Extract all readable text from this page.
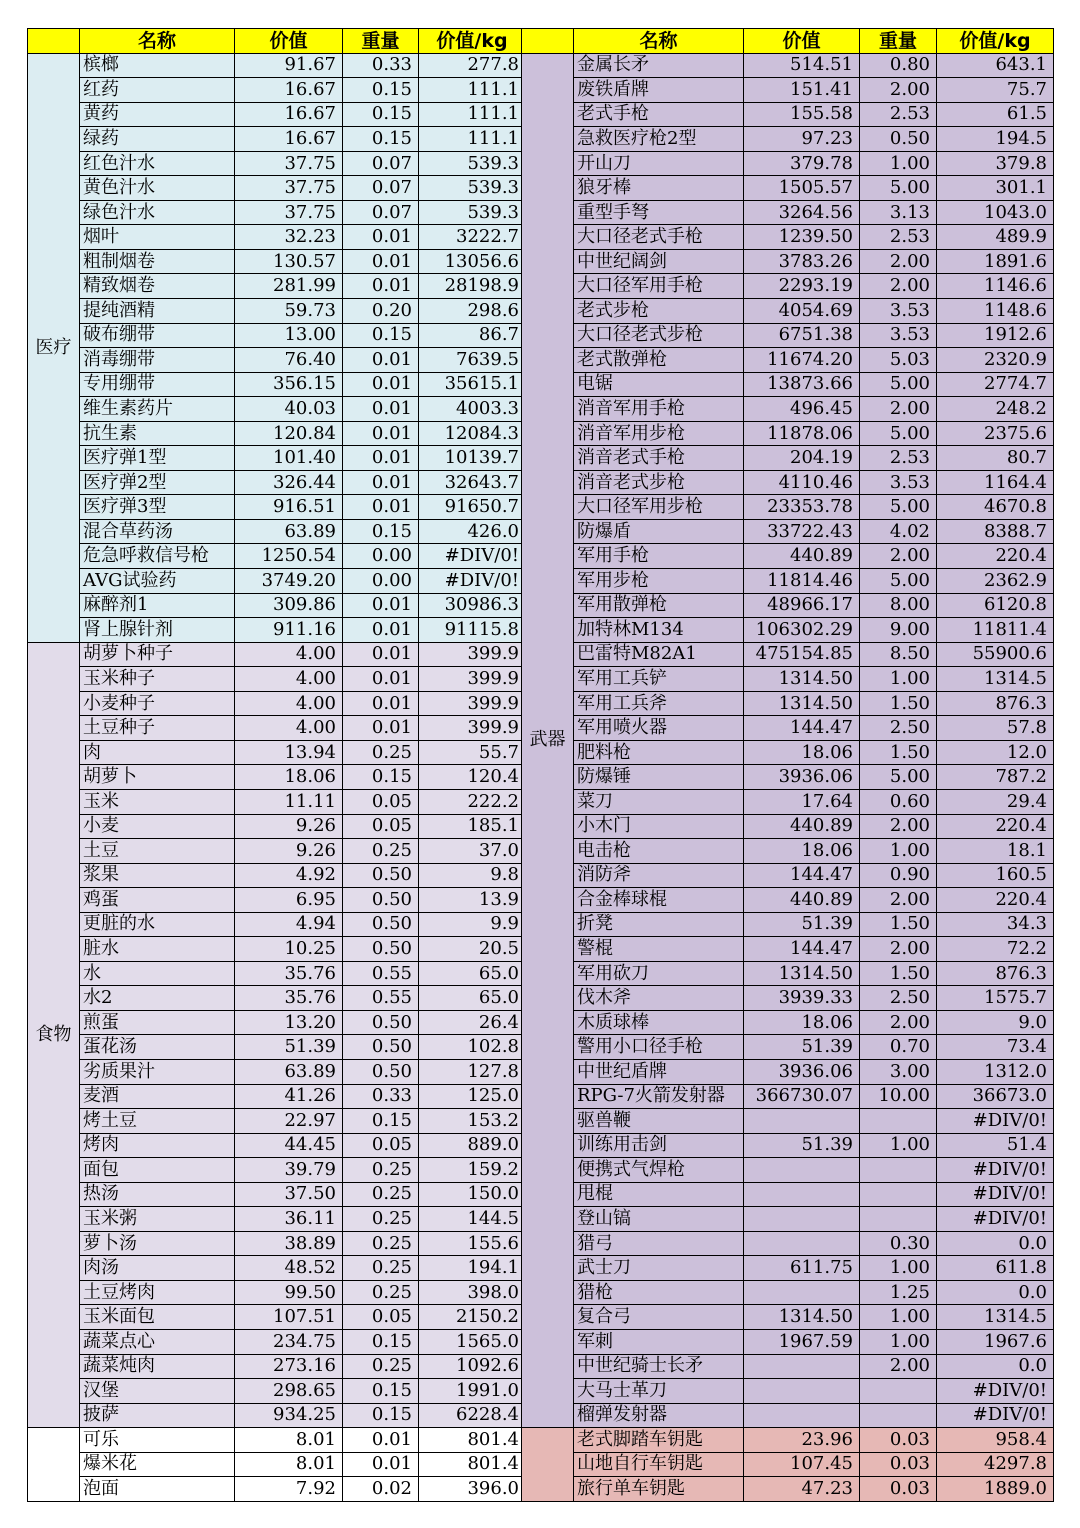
	名称	价值	重量	价值/kg
医疗	槟榔	91.67	0.33	277.8
	红药	16.67	0.15	111.1
	黄药	16.67	0.15	111.1
	绿药	16.67	0.15	111.1
	红色汁水	37.75	0.07	539.3
	黄色汁水	37.75	0.07	539.3
	绿色汁水	37.75	0.07	539.3
	烟叶	32.23	0.01	3222.7
	粗制烟卷	130.57	0.01	13056.6
	精致烟卷	281.99	0.01	28198.9
	提纯酒精	59.73	0.20	298.6
	破布绷带	13.00	0.15	86.7
	消毒绷带	76.40	0.01	7639.5
	专用绷带	356.15	0.01	35615.1
	维生素药片	40.03	0.01	4003.3
	抗生素	120.84	0.01	12084.3
	医疗弹1型	101.40	0.01	10139.7
	医疗弹2型	326.44	0.01	32643.7
	医疗弹3型	916.51	0.01	91650.7
	混合草药汤	63.89	0.15	426.0
	危急呼救信号枪	1250.54	0.00	#DIV/0!
	AVG试验药	3749.20	0.00	#DIV/0!
	麻醉剂1	309.86	0.01	30986.3
	肾上腺针剂	911.16	0.01	91115.8
食物	胡萝卜种子	4.00	0.01	399.9
	玉米种子	4.00	0.01	399.9
	小麦种子	4.00	0.01	399.9
	土豆种子	4.00	0.01	399.9
	肉	13.94	0.25	55.7
	胡萝卜	18.06	0.15	120.4
	玉米	11.11	0.05	222.2
	小麦	9.26	0.05	185.1
	土豆	9.26	0.25	37.0
	浆果	4.92	0.50	9.8
	鸡蛋	6.95	0.50	13.9
	更脏的水	4.94	0.50	9.9
	脏水	10.25	0.50	20.5
	水	35.76	0.55	65.0
	水2	35.76	0.55	65.0
	煎蛋	13.20	0.50	26.4
	蛋花汤	51.39	0.50	102.8
	劣质果汁	63.89	0.50	127.8
	麦酒	41.26	0.33	125.0
	烤土豆	22.97	0.15	153.2
	烤肉	44.45	0.05	889.0
	面包	39.79	0.25	159.2
	热汤	37.50	0.25	150.0
	玉米粥	36.11	0.25	144.5
	萝卜汤	38.89	0.25	155.6
	肉汤	48.52	0.25	194.1
	土豆烤肉	99.50	0.25	398.0
	玉米面包	107.51	0.05	2150.2
	蔬菜点心	234.75	0.15	1565.0
	蔬菜炖肉	273.16	0.25	1092.6
	汉堡	298.65	0.15	1991.0
	披萨	934.25	0.15	6228.4
	可乐	8.01	0.01	801.4
	爆米花	8.01	0.01	801.4
	泡面	7.92	0.02	396.0
	名称	价值	重量	价值/kg
武器	金属长矛	514.51	0.80	643.1
	废铁盾牌	151.41	2.00	75.7
	老式手枪	155.58	2.53	61.5
	急救医疗枪2型	97.23	0.50	194.5
	开山刀	379.78	1.00	379.8
	狼牙棒	1505.57	5.00	301.1
	重型手弩	3264.56	3.13	1043.0
	大口径老式手枪	1239.50	2.53	489.9
	中世纪阔剑	3783.26	2.00	1891.6
	大口径军用手枪	2293.19	2.00	1146.6
	老式步枪	4054.69	3.53	1148.6
	大口径老式步枪	6751.38	3.53	1912.6
	老式散弹枪	11674.20	5.03	2320.9
	电锯	13873.66	5.00	2774.7
	消音军用手枪	496.45	2.00	248.2
	消音军用步枪	11878.06	5.00	2375.6
	消音老式手枪	204.19	2.53	80.7
	消音老式步枪	4110.46	3.53	1164.4
	大口径军用步枪	23353.78	5.00	4670.8
	防爆盾	33722.43	4.02	8388.7
	军用手枪	440.89	2.00	220.4
	军用步枪	11814.46	5.00	2362.9
	军用散弹枪	48966.17	8.00	6120.8
	加特林M134	106302.29	9.00	11811.4
	巴雷特M82A1	475154.85	8.50	55900.6
	军用工兵铲	1314.50	1.00	1314.5
	军用工兵斧	1314.50	1.50	876.3
	军用喷火器	144.47	2.50	57.8
	肥料枪	18.06	1.50	12.0
	防爆锤	3936.06	5.00	787.2
	菜刀	17.64	0.60	29.4
	小木门	440.89	2.00	220.4
	电击枪	18.06	1.00	18.1
	消防斧	144.47	0.90	160.5
	合金棒球棍	440.89	2.00	220.4
	折凳	51.39	1.50	34.3
	警棍	144.47	2.00	72.2
	军用砍刀	1314.50	1.50	876.3
	伐木斧	3939.33	2.50	1575.7
	木质球棒	18.06	2.00	9.0
	警用小口径手枪	51.39	0.70	73.4
	中世纪盾牌	3936.06	3.00	1312.0
	RPG-7火箭发射器	366730.07	10.00	36673.0
	驱兽鞭			#DIV/0!
	训练用击剑	51.39	1.00	51.4
	便携式气焊枪			#DIV/0!
	甩棍			#DIV/0!
	登山镐			#DIV/0!
	猎弓		0.30	0.0
	武士刀	611.75	1.00	611.8
	猎枪		1.25	0.0
	复合弓	1314.50	1.00	1314.5
	军刺	1967.59	1.00	1967.6
	中世纪骑士长矛		2.00	0.0
	大马士革刀			#DIV/0!
	榴弹发射器			#DIV/0!
	老式脚踏车钥匙	23.96	0.03	958.4
	山地自行车钥匙	107.45	0.03	4297.8
	旅行单车钥匙	47.23	0.03	1889.0
